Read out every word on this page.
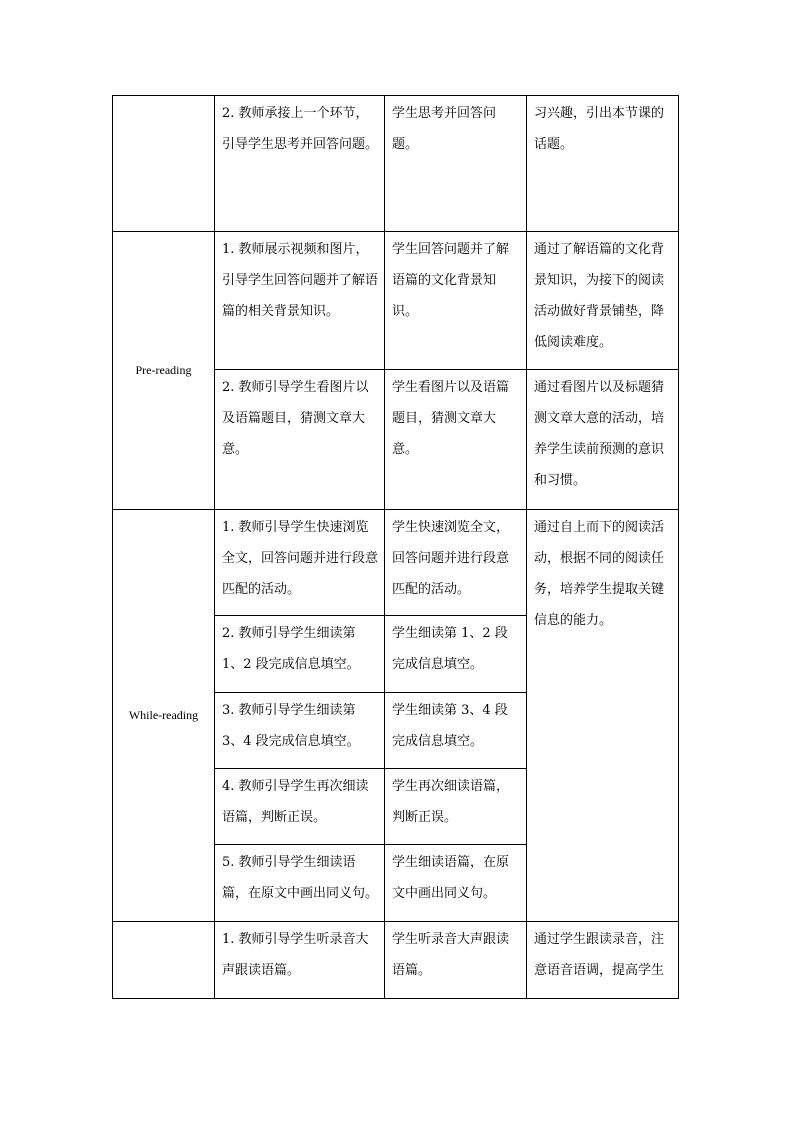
	2. 教师承接上一个环节，引导学生思考并回答问题。	学生思考并回答问题。	习兴趣，引出本节课的话题。
Pre-reading	1. 教师展示视频和图片，引导学生回答问题并了解语篇的相关背景知识。	学生回答问题并了解语篇的文化背景知识。	通过了解语篇的文化背景知识，为接下的阅读活动做好背景铺垫，降低阅读难度。
	2. 教师引导学生看图片以及语篇题目，猜测文章大意。	学生看图片以及语篇题目，猜测文章大意。	通过看图片以及标题猜测文章大意的活动，培养学生读前预测的意识和习惯。
While-reading	1. 教师引导学生快速浏览全文，回答问题并进行段意匹配的活动。	学生快速浏览全文，回答问题并进行段意匹配的活动。	通过自上而下的阅读活动，根据不同的阅读任务，培养学生提取关键信息的能力。
	2. 教师引导学生细读第 1、2 段完成信息填空。	学生细读第 1、2 段完成信息填空。	
	3. 教师引导学生细读第 3、4 段完成信息填空。	学生细读第 3、4 段完成信息填空。	
	4. 教师引导学生再次细读语篇，判断正误。	学生再次细读语篇，判断正误。	
	5. 教师引导学生细读语篇，在原文中画出同义句。	学生细读语篇，在原文中画出同义句。	
	1. 教师引导学生听录音大声跟读语篇。	学生听录音大声跟读语篇。	通过学生跟读录音，注意语音语调，提高学生
